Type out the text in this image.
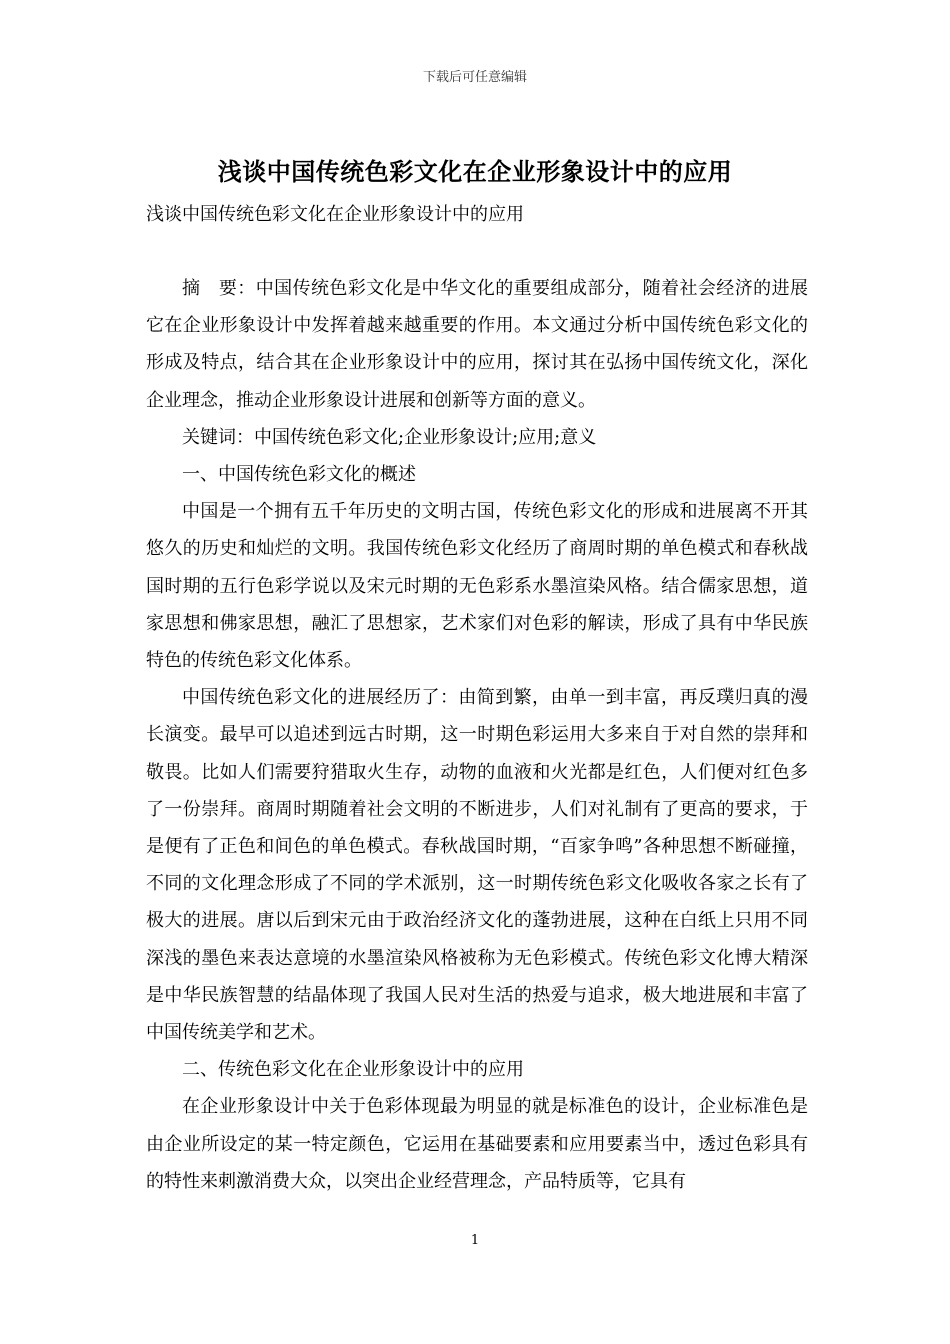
下载后可任意编辑
浅谈中国传统色彩文化在企业形象设计中的应用
浅谈中国传统色彩文化在企业形象设计中的应用

摘　要：中国传统色彩文化是中华文化的重要组成部分，随着社会经济的进展它在企业形象设计中发挥着越来越重要的作用。本文通过分析中国传统色彩文化的形成及特点，结合其在企业形象设计中的应用，探讨其在弘扬中国传统文化，深化企业理念，推动企业形象设计进展和创新等方面的意义。

关键词：中国传统色彩文化;企业形象设计;应用;意义

一、中国传统色彩文化的概述

中国是一个拥有五千年历史的文明古国，传统色彩文化的形成和进展离不开其悠久的历史和灿烂的文明。我国传统色彩文化经历了商周时期的单色模式和春秋战国时期的五行色彩学说以及宋元时期的无色彩系水墨渲染风格。结合儒家思想，道家思想和佛家思想，融汇了思想家，艺术家们对色彩的解读，形成了具有中华民族特色的传统色彩文化体系。

中国传统色彩文化的进展经历了：由简到繁，由单一到丰富，再反璞归真的漫长演变。最早可以追述到远古时期，这一时期色彩运用大多来自于对自然的崇拜和敬畏。比如人们需要狩猎取火生存，动物的血液和火光都是红色，人们便对红色多了一份崇拜。商周时期随着社会文明的不断进步，人们对礼制有了更高的要求，于是便有了正色和间色的单色模式。春秋战国时期，“百家争鸣”各种思想不断碰撞，不同的文化理念形成了不同的学术派别，这一时期传统色彩文化吸收各家之长有了极大的进展。唐以后到宋元由于政治经济文化的蓬勃进展，这种在白纸上只用不同深浅的墨色来表达意境的水墨渲染风格被称为无色彩模式。传统色彩文化博大精深是中华民族智慧的结晶体现了我国人民对生活的热爱与追求，极大地进展和丰富了中国传统美学和艺术。

二、传统色彩文化在企业形象设计中的应用

在企业形象设计中关于色彩体现最为明显的就是标准色的设计，企业标准色是由企业所设定的某一特定颜色，它运用在基础要素和应用要素当中，透过色彩具有的特性来刺激消费大众，以突出企业经营理念，产品特质等，它具有

1
